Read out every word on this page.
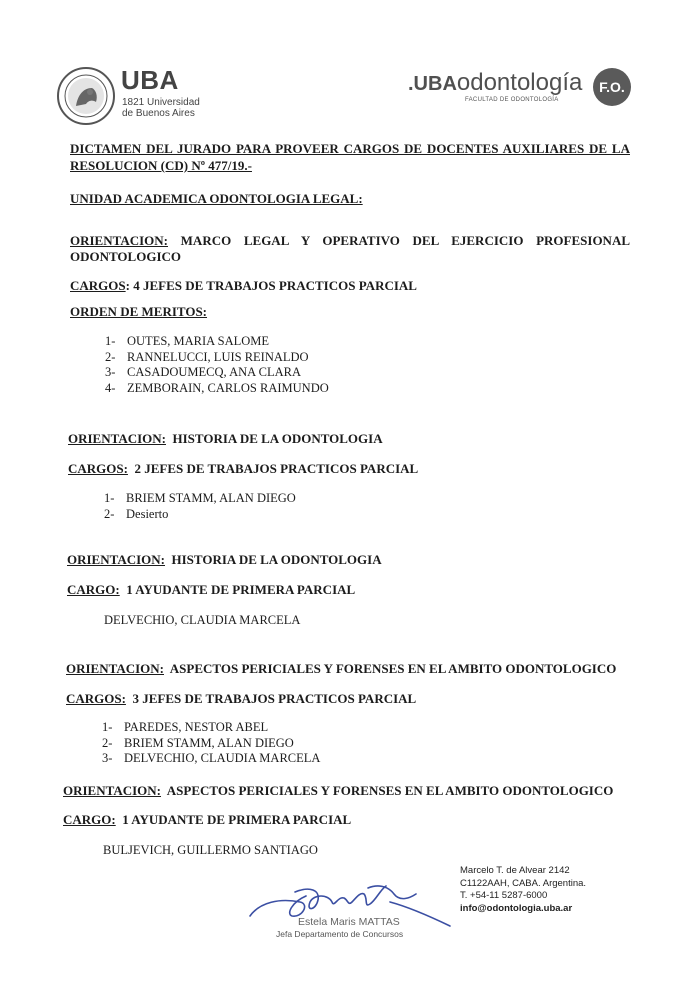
UBA
1821 Universidad
de Buenos Aires
.UBAodontología
FACULTAD DE ODONTOLOGÍA
F.O.
DICTAMEN DEL JURADO PARA PROVEER CARGOS DE DOCENTES AUXILIARES DE LA
RESOLUCION (CD) Nº 477/19.-
UNIDAD ACADEMICA ODONTOLOGIA LEGAL:
ORIENTACION: MARCO LEGAL Y OPERATIVO DEL EJERCICIO PROFESIONAL
ODONTOLOGICO
CARGOS: 4 JEFES DE TRABAJOS PRACTICOS PARCIAL
ORDEN DE MERITOS:
1- OUTES, MARIA SALOME
2- RANNELUCCI, LUIS REINALDO
3- CASADOUMECQ, ANA CLARA
4- ZEMBORAIN, CARLOS RAIMUNDO
ORIENTACION: HISTORIA DE LA ODONTOLOGIA
CARGOS: 2 JEFES DE TRABAJOS PRACTICOS PARCIAL
1- BRIEM STAMM, ALAN DIEGO
2- Desierto
ORIENTACION: HISTORIA DE LA ODONTOLOGIA
CARGO: 1 AYUDANTE DE PRIMERA PARCIAL
DELVECHIO, CLAUDIA MARCELA
ORIENTACION: ASPECTOS PERICIALES Y FORENSES EN EL AMBITO ODONTOLOGICO
CARGOS: 3 JEFES DE TRABAJOS PRACTICOS PARCIAL
1- PAREDES, NESTOR ABEL
2- BRIEM STAMM, ALAN DIEGO
3- DELVECHIO, CLAUDIA MARCELA
ORIENTACION: ASPECTOS PERICIALES Y FORENSES EN EL AMBITO ODONTOLOGICO
CARGO: 1 AYUDANTE DE PRIMERA PARCIAL
BULJEVICH, GUILLERMO SANTIAGO
Estela Maris MATTAS
Jefa Departamento de Concursos
Marcelo T. de Alvear 2142
C1122AAH, CABA. Argentina.
T. +54-11 5287-6000
info@odontologia.uba.ar
